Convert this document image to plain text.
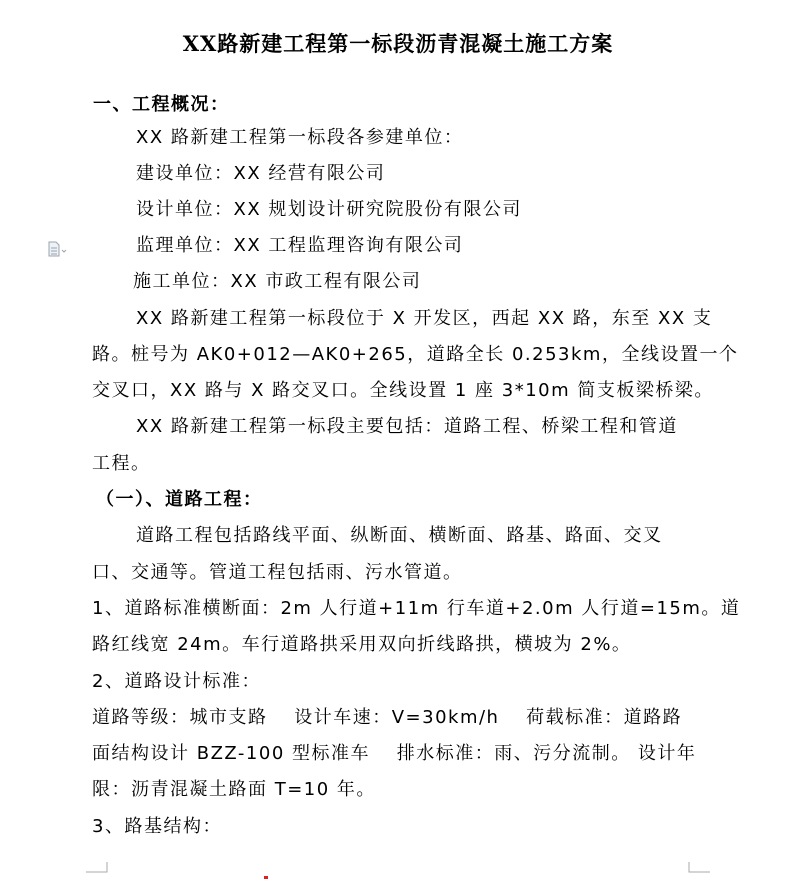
XX路新建工程第一标段沥青混凝土施工方案
一、工程概况：
XX 路新建工程第一标段各参建单位：
建设单位：XX 经营有限公司
设计单位：XX 规划设计研究院股份有限公司
监理单位：XX 工程监理咨询有限公司
施工单位：XX 市政工程有限公司
XX 路新建工程第一标段位于 X 开发区，西起 XX 路，东至 XX 支
路。桩号为 AK0+012—AK0+265，道路全长 0.253km，全线设置一个
交叉口，XX 路与 X 路交叉口。全线设置 1 座 3*10m 简支板梁桥梁。
XX 路新建工程第一标段主要包括：道路工程、桥梁工程和管道
工程。
（一）、道路工程：
道路工程包括路线平面、纵断面、横断面、路基、路面、交叉
口、交通等。管道工程包括雨、污水管道。
1、道路标准横断面：2m 人行道+11m 行车道+2.0m 人行道=15m。道
路红线宽 24m。车行道路拱采用双向折线路拱，横坡为 2%。
2、道路设计标准：
道路等级：城市支路　 设计车速：V=30km/h　 荷载标准：道路路
面结构设计 BZZ-100 型标准车　 排水标准：雨、污分流制。 设计年
限：沥青混凝土路面 T=10 年。
3、路基结构：
